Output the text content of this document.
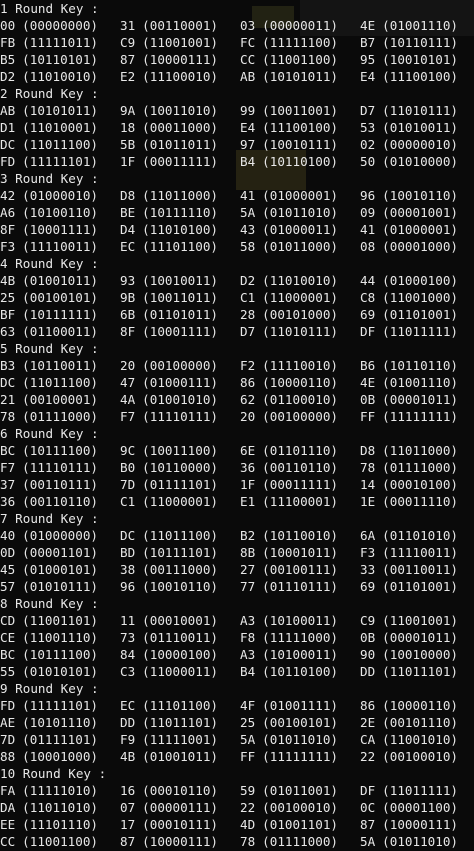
1 Round Key :
00 (00000000)	31 (00110001)	03 (00000011)	4E (01001110)
FB (11111011)	C9 (11001001)	FC (11111100)	B7 (10110111)
B5 (10110101)	87 (10000111)	CC (11001100)	95 (10010101)
D2 (11010010)	E2 (11100010)	AB (10101011)	E4 (11100100)
2 Round Key :
AB (10101011)	9A (10011010)	99 (10011001)	D7 (11010111)
D1 (11010001)	18 (00011000)	E4 (11100100)	53 (01010011)
DC (11011100)	5B (01011011)	97 (10010111)	02 (00000010)
FD (11111101)	1F (00011111)	B4 (10110100)	50 (01010000)
3 Round Key :
42 (01000010)	D8 (11011000)	41 (01000001)	96 (10010110)
A6 (10100110)	BE (10111110)	5A (01011010)	09 (00001001)
8F (10001111)	D4 (11010100)	43 (01000011)	41 (01000001)
F3 (11110011)	EC (11101100)	58 (01011000)	08 (00001000)
4 Round Key :
4B (01001011)	93 (10010011)	D2 (11010010)	44 (01000100)
25 (00100101)	9B (10011011)	C1 (11000001)	C8 (11001000)
BF (10111111)	6B (01101011)	28 (00101000)	69 (01101001)
63 (01100011)	8F (10001111)	D7 (11010111)	DF (11011111)
5 Round Key :
B3 (10110011)	20 (00100000)	F2 (11110010)	B6 (10110110)
DC (11011100)	47 (01000111)	86 (10000110)	4E (01001110)
21 (00100001)	4A (01001010)	62 (01100010)	0B (00001011)
78 (01111000)	F7 (11110111)	20 (00100000)	FF (11111111)
6 Round Key :
BC (10111100)	9C (10011100)	6E (01101110)	D8 (11011000)
F7 (11110111)	B0 (10110000)	36 (00110110)	78 (01111000)
37 (00110111)	7D (01111101)	1F (00011111)	14 (00010100)
36 (00110110)	C1 (11000001)	E1 (11100001)	1E (00011110)
7 Round Key :
40 (01000000)	DC (11011100)	B2 (10110010)	6A (01101010)
0D (00001101)	BD (10111101)	8B (10001011)	F3 (11110011)
45 (01000101)	38 (00111000)	27 (00100111)	33 (00110011)
57 (01010111)	96 (10010110)	77 (01110111)	69 (01101001)
8 Round Key :
CD (11001101)	11 (00010001)	A3 (10100011)	C9 (11001001)
CE (11001110)	73 (01110011)	F8 (11111000)	0B (00001011)
BC (10111100)	84 (10000100)	A3 (10100011)	90 (10010000)
55 (01010101)	C3 (11000011)	B4 (10110100)	DD (11011101)
9 Round Key :
FD (11111101)	EC (11101100)	4F (01001111)	86 (10000110)
AE (10101110)	DD (11011101)	25 (00100101)	2E (00101110)
7D (01111101)	F9 (11111001)	5A (01011010)	CA (11001010)
88 (10001000)	4B (01001011)	FF (11111111)	22 (00100010)
10 Round Key :
FA (11111010)	16 (00010110)	59 (01011001)	DF (11011111)
DA (11011010)	07 (00000111)	22 (00100010)	0C (00001100)
EE (11101110)	17 (00010111)	4D (01001101)	87 (10000111)
CC (11001100)	87 (10000111)	78 (01111000)	5A (01011010)
